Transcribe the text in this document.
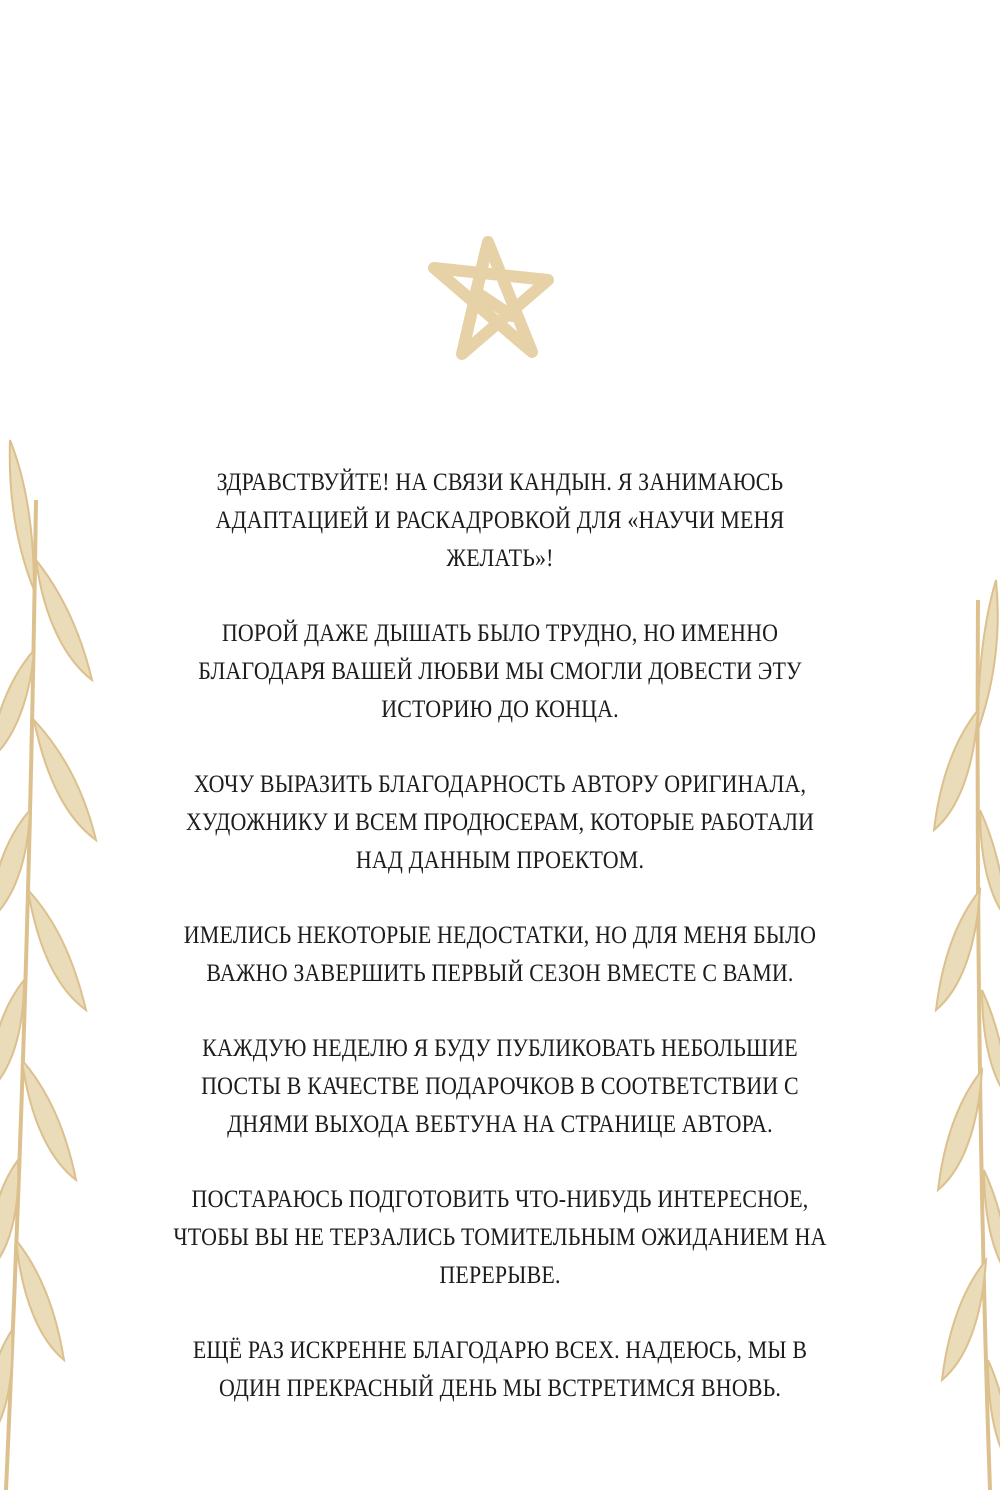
ЗДРАВСТВУЙТЕ! НА СВЯЗИ КАНДЫН. Я ЗАНИМАЮСЬ АДАПТАЦИЕЙ И РАСКАДРОВКОЙ ДЛЯ «НАУЧИ МЕНЯ ЖЕЛАТЬ»!

ПОРОЙ ДАЖЕ ДЫШАТЬ БЫЛО ТРУДНО, НО ИМЕННО БЛАГОДАРЯ ВАШЕЙ ЛЮБВИ МЫ СМОГЛИ ДОВЕСТИ ЭТУ ИСТОРИЮ ДО КОНЦА.

ХОЧУ ВЫРАЗИТЬ БЛАГОДАРНОСТЬ АВТОРУ ОРИГИНАЛА, ХУДОЖНИКУ И ВСЕМ ПРОДЮСЕРАМ, КОТОРЫЕ РАБОТАЛИ НАД ДАННЫМ ПРОЕКТОМ.

ИМЕЛИСЬ НЕКОТОРЫЕ НЕДОСТАТКИ, НО ДЛЯ МЕНЯ БЫЛО ВАЖНО ЗАВЕРШИТЬ ПЕРВЫЙ СЕЗОН ВМЕСТЕ С ВАМИ.

КАЖДУЮ НЕДЕЛЮ Я БУДУ ПУБЛИКОВАТЬ НЕБОЛЬШИЕ ПОСТЫ В КАЧЕСТВЕ ПОДАРОЧКОВ В СООТВЕТСТВИИ С ДНЯМИ ВЫХОДА ВЕБТУНА НА СТРАНИЦЕ АВТОРА.

ПОСТАРАЮСЬ ПОДГОТОВИТЬ ЧТО-НИБУДЬ ИНТЕРЕСНОЕ, ЧТОБЫ ВЫ НЕ ТЕРЗАЛИСЬ ТОМИТЕЛЬНЫМ ОЖИДАНИЕМ НА ПЕРЕРЫВЕ.

ЕЩЁ РАЗ ИСКРЕННЕ БЛАГОДАРЮ ВСЕХ. НАДЕЮСЬ, МЫ В ОДИН ПРЕКРАСНЫЙ ДЕНЬ МЫ ВСТРЕТИМСЯ ВНОВЬ.
